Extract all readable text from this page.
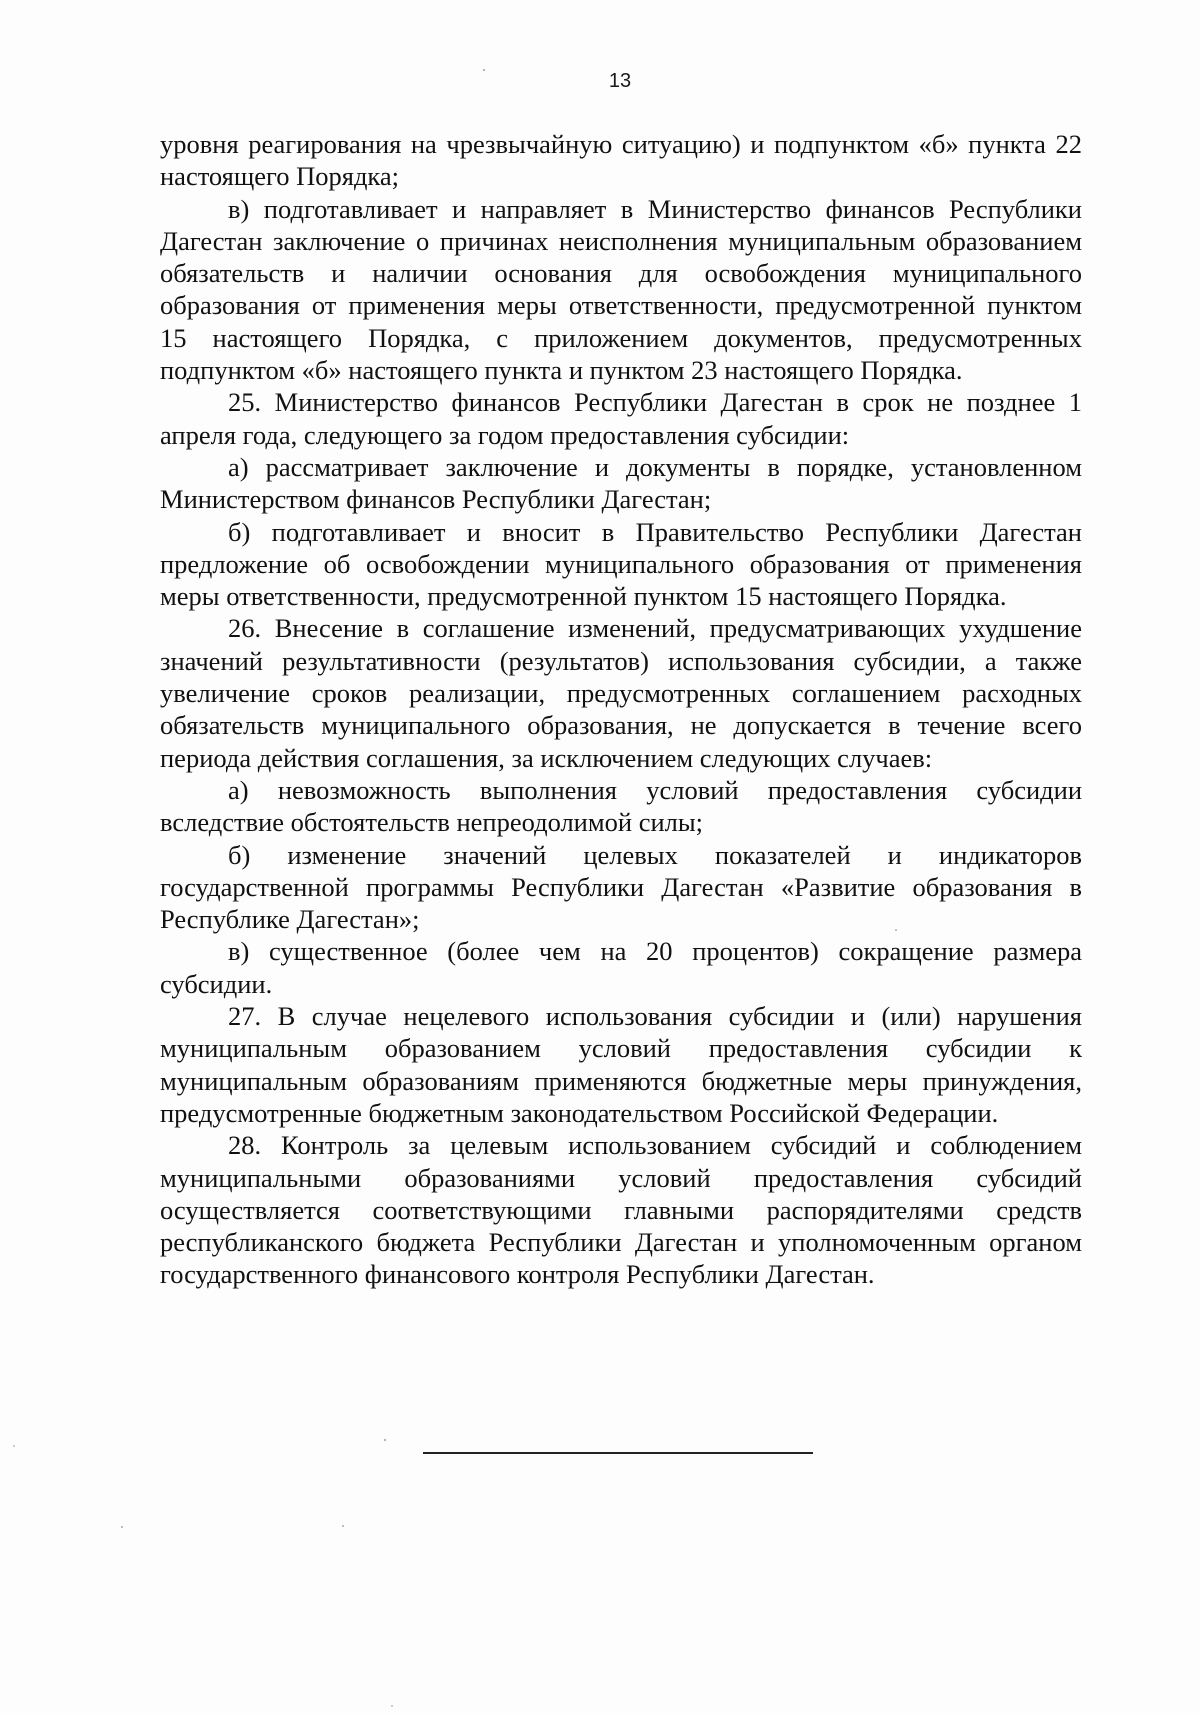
13

уровня реагирования на чрезвычайную ситуацию) и подпунктом «б» пункта 22 настоящего Порядка;

в) подготавливает и направляет в Министерство финансов Республики Дагестан заключение о причинах неисполнения муниципальным образованием обязательств и наличии основания для освобождения муниципального образования от применения меры ответственности, предусмотренной пунктом 15 настоящего Порядка, с приложением документов, предусмотренных подпунктом «б» настоящего пункта и пунктом 23 настоящего Порядка.

25. Министерство финансов Республики Дагестан в срок не позднее 1 апреля года, следующего за годом предоставления субсидии:

а) рассматривает заключение и документы в порядке, установленном Министерством финансов Республики Дагестан;

б) подготавливает и вносит в Правительство Республики Дагестан предложение об освобождении муниципального образования от применения меры ответственности, предусмотренной пунктом 15 настоящего Порядка.

26. Внесение в соглашение изменений, предусматривающих ухудшение значений результативности (результатов) использования субсидии, а также увеличение сроков реализации, предусмотренных соглашением расходных обязательств муниципального образования, не допускается в течение всего периода действия соглашения, за исключением следующих случаев:

а) невозможность выполнения условий предоставления субсидии вследствие обстоятельств непреодолимой силы;

б) изменение значений целевых показателей и индикаторов государственной программы Республики Дагестан «Развитие образования в Республике Дагестан»;

в) существенное (более чем на 20 процентов) сокращение размера субсидии.

27. В случае нецелевого использования субсидии и (или) нарушения муниципальным образованием условий предоставления субсидии к муниципальным образованиям применяются бюджетные меры принуждения, предусмотренные бюджетным законодательством Российской Федерации.

28. Контроль за целевым использованием субсидий и соблюдением муниципальными образованиями условий предоставления субсидий осуществляется соответствующими главными распорядителями средств республиканского бюджета Республики Дагестан и уполномоченным органом государственного финансового контроля Республики Дагестан.
